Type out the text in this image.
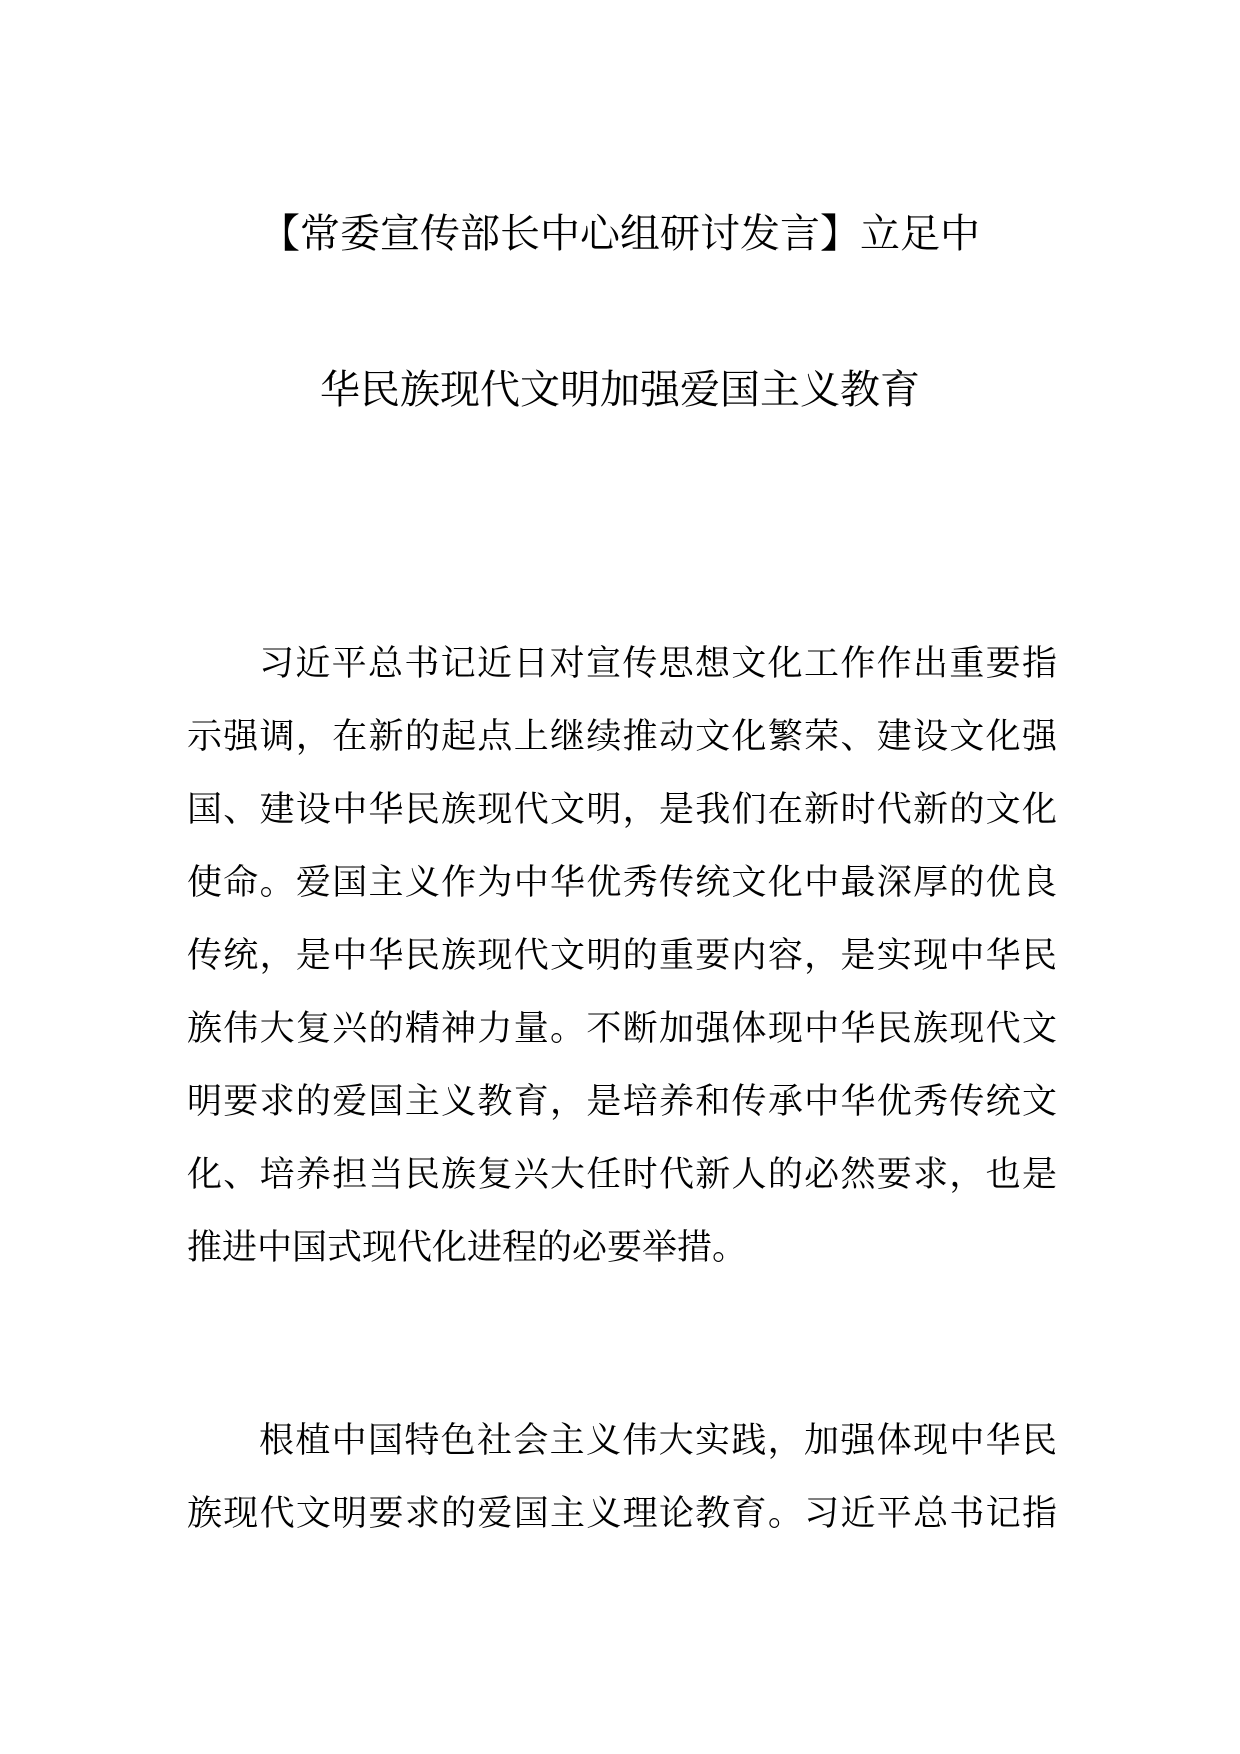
【常委宣传部长中心组研讨发言】立足中
华民族现代文明加强爱国主义教育
习近平总书记近日对宣传思想文化工作作出重要指
示强调，在新的起点上继续推动文化繁荣、建设文化强
国、建设中华民族现代文明，是我们在新时代新的文化
使命。爱国主义作为中华优秀传统文化中最深厚的优良
传统，是中华民族现代文明的重要内容，是实现中华民
族伟大复兴的精神力量。不断加强体现中华民族现代文
明要求的爱国主义教育，是培养和传承中华优秀传统文
化、培养担当民族复兴大任时代新人的必然要求，也是
推进中国式现代化进程的必要举措。
根植中国特色社会主义伟大实践，加强体现中华民
族现代文明要求的爱国主义理论教育。习近平总书记指
